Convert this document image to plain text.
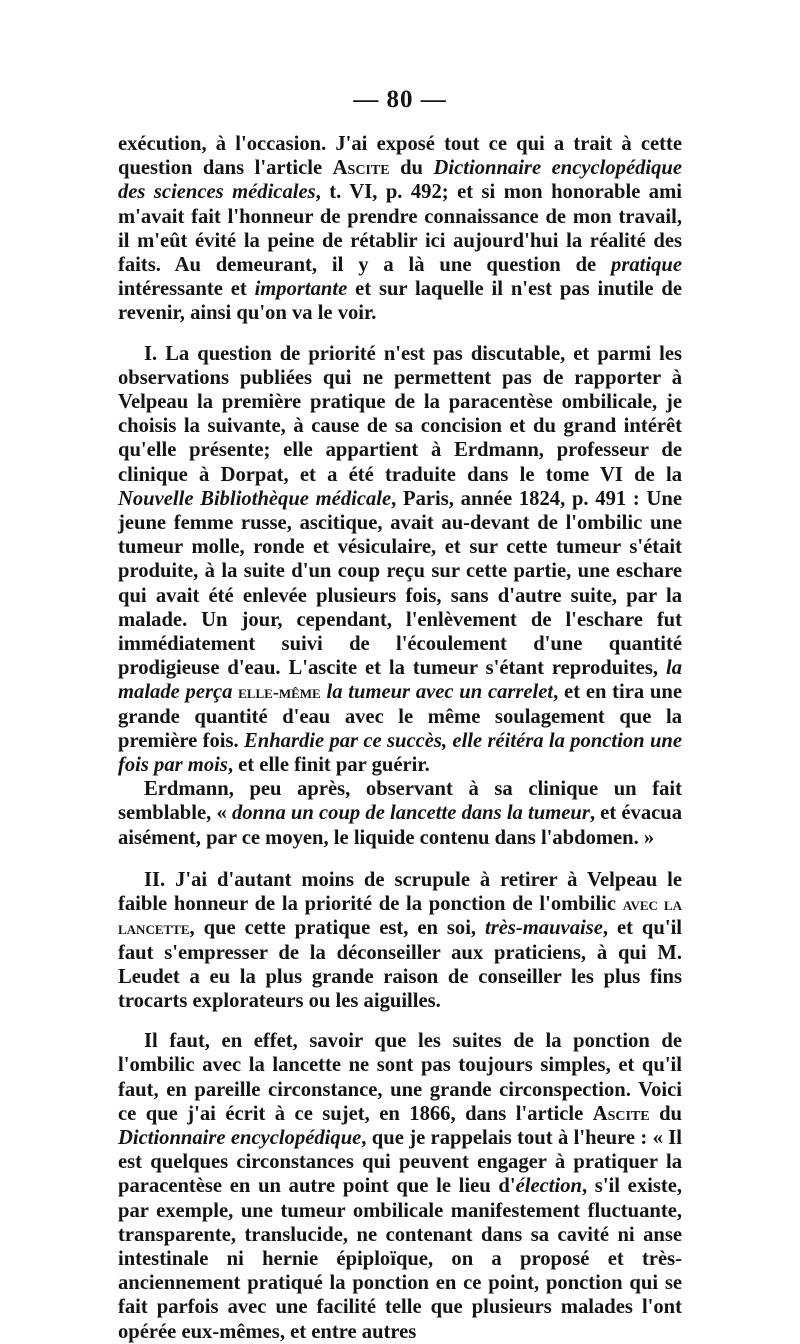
— 80 —

exécution, à l'occasion. J'ai exposé tout ce qui a trait à cette question dans l'article Ascite du Dictionnaire encyclopédique des sciences médicales, t. VI, p. 492; et si mon honorable ami m'avait fait l'honneur de prendre connaissance de mon travail, il m'eût évité la peine de rétablir ici aujourd'hui la réalité des faits. Au demeurant, il y a là une question de pratique intéressante et importante et sur laquelle il n'est pas inutile de revenir, ainsi qu'on va le voir.

I. La question de priorité n'est pas discutable, et parmi les observations publiées qui ne permettent pas de rapporter à Velpeau la première pratique de la paracentèse ombilicale, je choisis la suivante, à cause de sa concision et du grand intérêt qu'elle présente; elle appartient à Erdmann, professeur de clinique à Dorpat, et a été traduite dans le tome VI de la Nouvelle Bibliothèque médicale, Paris, année 1824, p. 491 : Une jeune femme russe, ascitique, avait au-devant de l'ombilic une tumeur molle, ronde et vésiculaire, et sur cette tumeur s'était produite, à la suite d'un coup reçu sur cette partie, une eschare qui avait été enlevée plusieurs fois, sans d'autre suite, par la malade. Un jour, cependant, l'enlèvement de l'eschare fut immédiatement suivi de l'écoulement d'une quantité prodigieuse d'eau. L'ascite et la tumeur s'étant reproduites, la malade perça elle-même la tumeur avec un carrelet, et en tira une grande quantité d'eau avec le même soulagement que la première fois. Enhardie par ce succès, elle réitéra la ponction une fois par mois, et elle finit par guérir.

Erdmann, peu après, observant à sa clinique un fait semblable, « donna un coup de lancette dans la tumeur, et évacua aisément, par ce moyen, le liquide contenu dans l'abdomen. »

II. J'ai d'autant moins de scrupule à retirer à Velpeau le faible honneur de la priorité de la ponction de l'ombilic avec la lancette, que cette pratique est, en soi, très-mauvaise, et qu'il faut s'empresser de la déconseiller aux praticiens, à qui M. Leudet a eu la plus grande raison de conseiller les plus fins trocarts explorateurs ou les aiguilles.

Il faut, en effet, savoir que les suites de la ponction de l'ombilic avec la lancette ne sont pas toujours simples, et qu'il faut, en pareille circonstance, une grande circonspection. Voici ce que j'ai écrit à ce sujet, en 1866, dans l'article Ascite du Dictionnaire encyclopédique, que je rappelais tout à l'heure : « Il est quelques circonstances qui peuvent engager à pratiquer la paracentèse en un autre point que le lieu d'élection, s'il existe, par exemple, une tumeur ombilicale manifestement fluctuante, transparente, translucide, ne contenant dans sa cavité ni anse intestinale ni hernie épiploïque, on a proposé et très-anciennement pratiqué la ponction en ce point, ponction qui se fait parfois avec une facilité telle que plusieurs malades l'ont opérée eux-mêmes, et entre autres
